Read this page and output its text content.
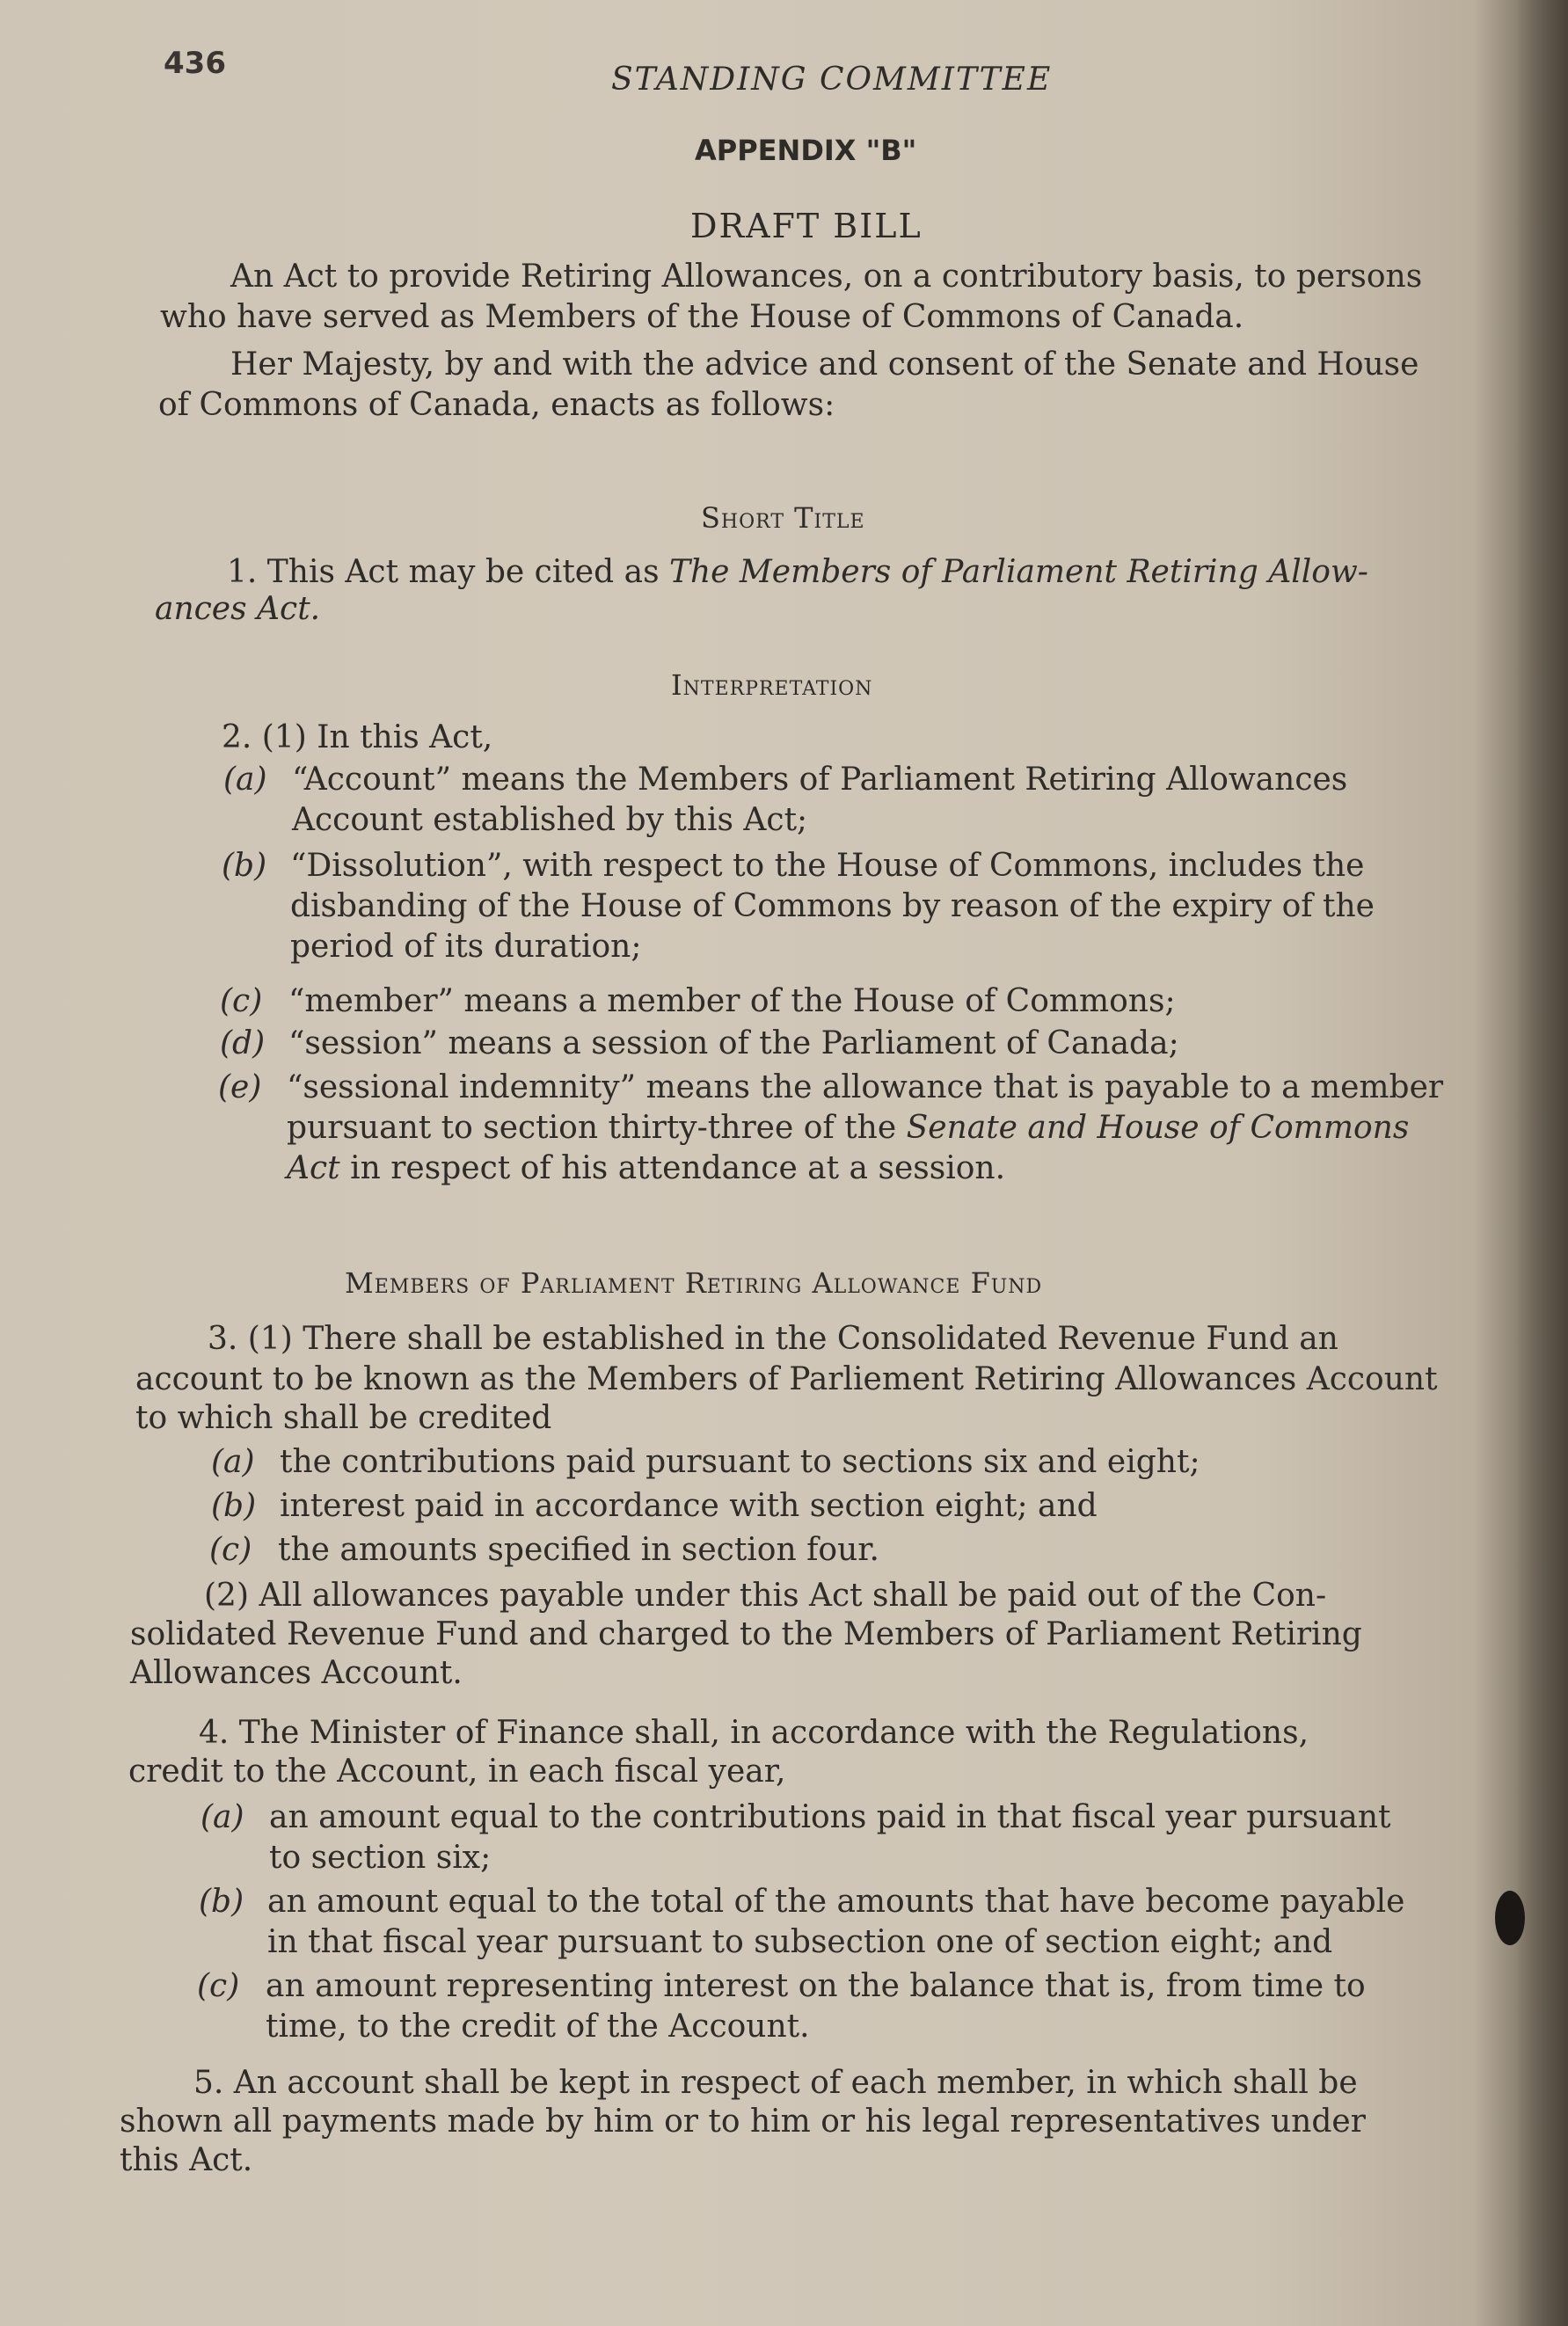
436	STANDING COMMITTEE

APPENDIX "B"

DRAFT BILL

An Act to provide Retiring Allowances, on a contributory basis, to persons

who have served as Members of the House of Commons of Canada.

Her Majesty, by and with the advice and consent of the Senate and House

of Commons of Canada, enacts as follows:

Short Title

1. This Act may be cited as The Members of Parliament Retiring Allow-

ances Act.

Interpretation

2. (1) In this Act,

(a) “Account” means the Members of Parliament Retiring Allowances
Account established by this Act;
(b) “Dissolution”, with respect to the House of Commons, includes the
disbanding of the House of Commons by reason of the expiry of the
period of its duration;
(c) “member” means a member of the House of Commons;
(d) “session” means a session of the Parliament of Canada;
(e) “sessional indemnity” means the allowance that is payable to a member
pursuant to section thirty-three of the Senate and House of Commons
Act in respect of his attendance at a session.

Members of Parliament Retiring Allowance Fund

3. (1) There shall be established in the Consolidated Revenue Fund an

account to be known as the Members of Parliement Retiring Allowances Account

to which shall be credited

(a) the contributions paid pursuant to sections six and eight;
(b) interest paid in accordance with section eight; and
(c) the amounts specified in section four.

(2) All allowances payable under this Act shall be paid out of the Con-

solidated Revenue Fund and charged to the Members of Parliament Retiring

Allowances Account.

4. The Minister of Finance shall, in accordance with the Regulations,

credit to the Account, in each fiscal year,

(a) an amount equal to the contributions paid in that fiscal year pursuant
to section six;
(b) an amount equal to the total of the amounts that have become payable
in that fiscal year pursuant to subsection one of section eight; and
(c) an amount representing interest on the balance that is, from time to
time, to the credit of the Account.

5. An account shall be kept in respect of each member, in which shall be

shown all payments made by him or to him or his legal representatives under

this Act.
